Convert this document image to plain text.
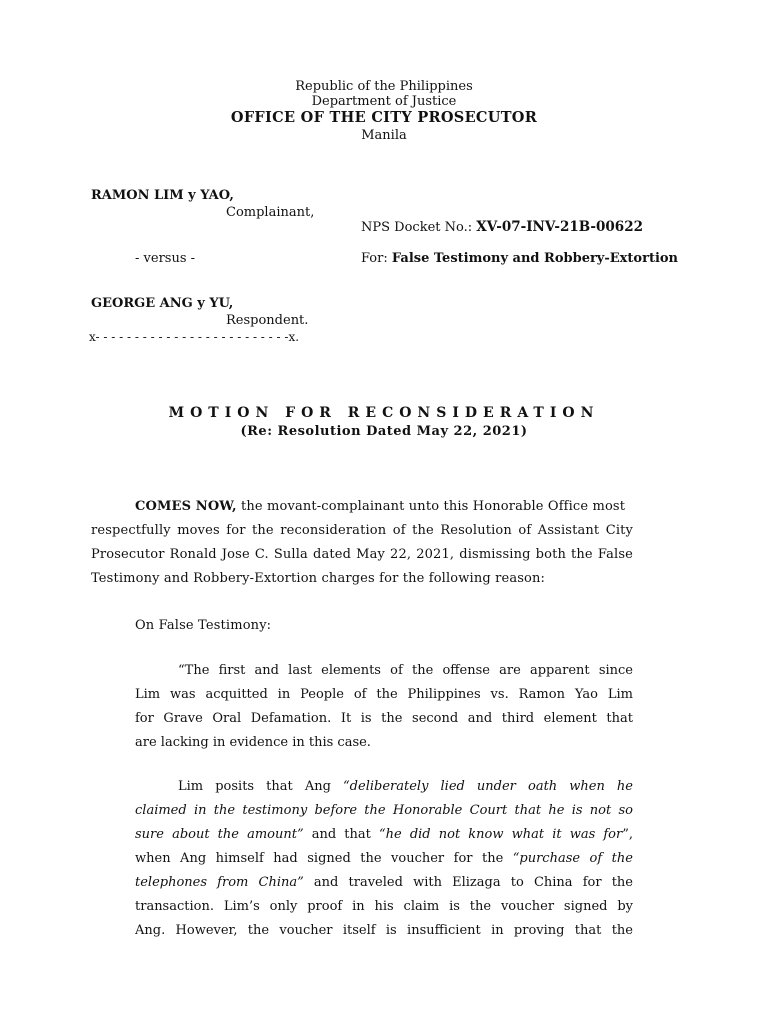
Republic of the Philippines
Department of Justice
OFFICE OF THE CITY PROSECUTOR
Manila
RAMON LIM y YAO,
Complainant,
NPS Docket No.: XV-07-INV-21B-00622
- versus -	For: False Testimony and Robbery-Extortion
GEORGE ANG y YU,
Respondent.
x- - - - - - - - - - - - - - - - - - - - - - - - -x.
MOTION FOR RECONSIDERATION
(Re: Resolution Dated May 22, 2021)
COMES NOW, the movant-complainant unto this Honorable Office most
respectfully moves for the reconsideration of the Resolution of Assistant City
Prosecutor Ronald Jose C. Sulla dated May 22, 2021, dismissing both the False
Testimony and Robbery-Extortion charges for the following reason:
On False Testimony:
“The first and last elements of the offense are apparent since
Lim was acquitted in People of the Philippines vs. Ramon Yao Lim
for Grave Oral Defamation. It is the second and third element that
are lacking in evidence in this case.
Lim posits that Ang “deliberately lied under oath when he
claimed in the testimony before the Honorable Court that he is not so
sure about the amount” and that “he did not know what it was for”,
when Ang himself had signed the voucher for the “purchase of the
telephones from China” and traveled with Elizaga to China for the
transaction. Lim’s only proof in his claim is the voucher signed by
Ang. However, the voucher itself is insufficient in proving that the
